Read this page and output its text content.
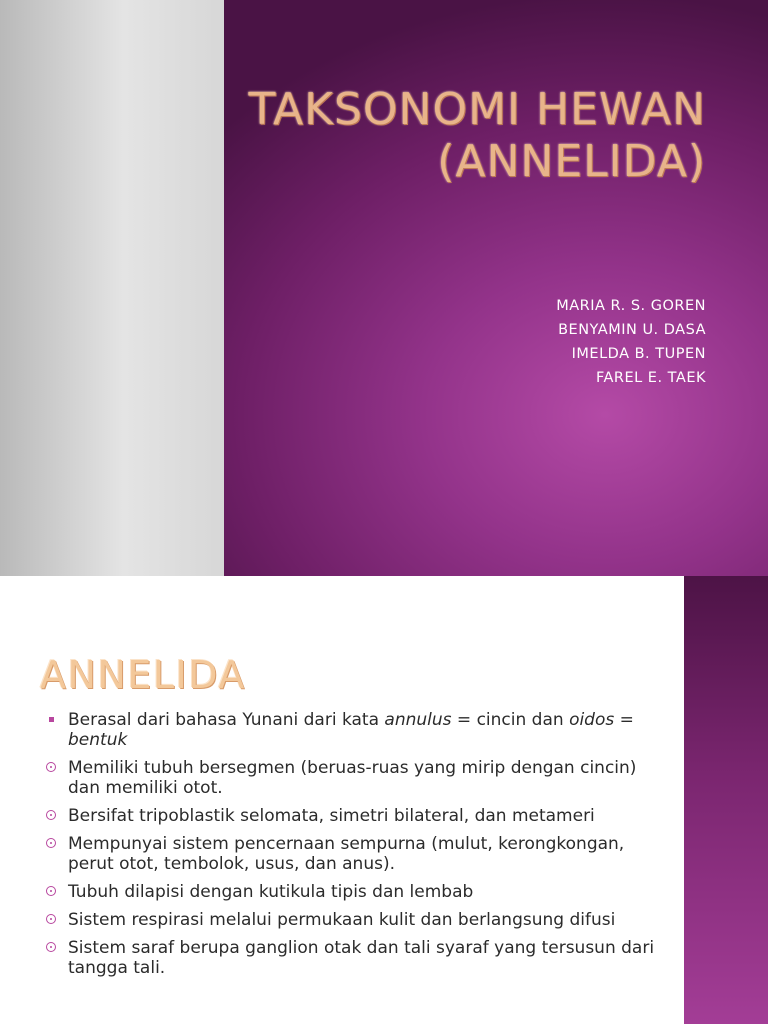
TAKSONOMI HEWAN
(ANNELIDA)
MARIA R. S. GOREN
BENYAMIN U. DASA
IMELDA B. TUPEN
FAREL E. TAEK
ANNELIDA
Berasal dari bahasa Yunani dari kata annulus = cincin dan oidos = bentuk
Memiliki tubuh bersegmen (beruas-ruas yang mirip dengan cincin) dan memiliki otot.
Bersifat tripoblastik selomata, simetri bilateral, dan metameri
Mempunyai sistem pencernaan sempurna (mulut, kerongkongan, perut otot, tembolok, usus, dan anus).
Tubuh dilapisi dengan kutikula tipis dan lembab
Sistem respirasi melalui permukaan kulit dan berlangsung difusi
Sistem saraf berupa ganglion otak dan tali syaraf yang tersusun dari tangga tali.
